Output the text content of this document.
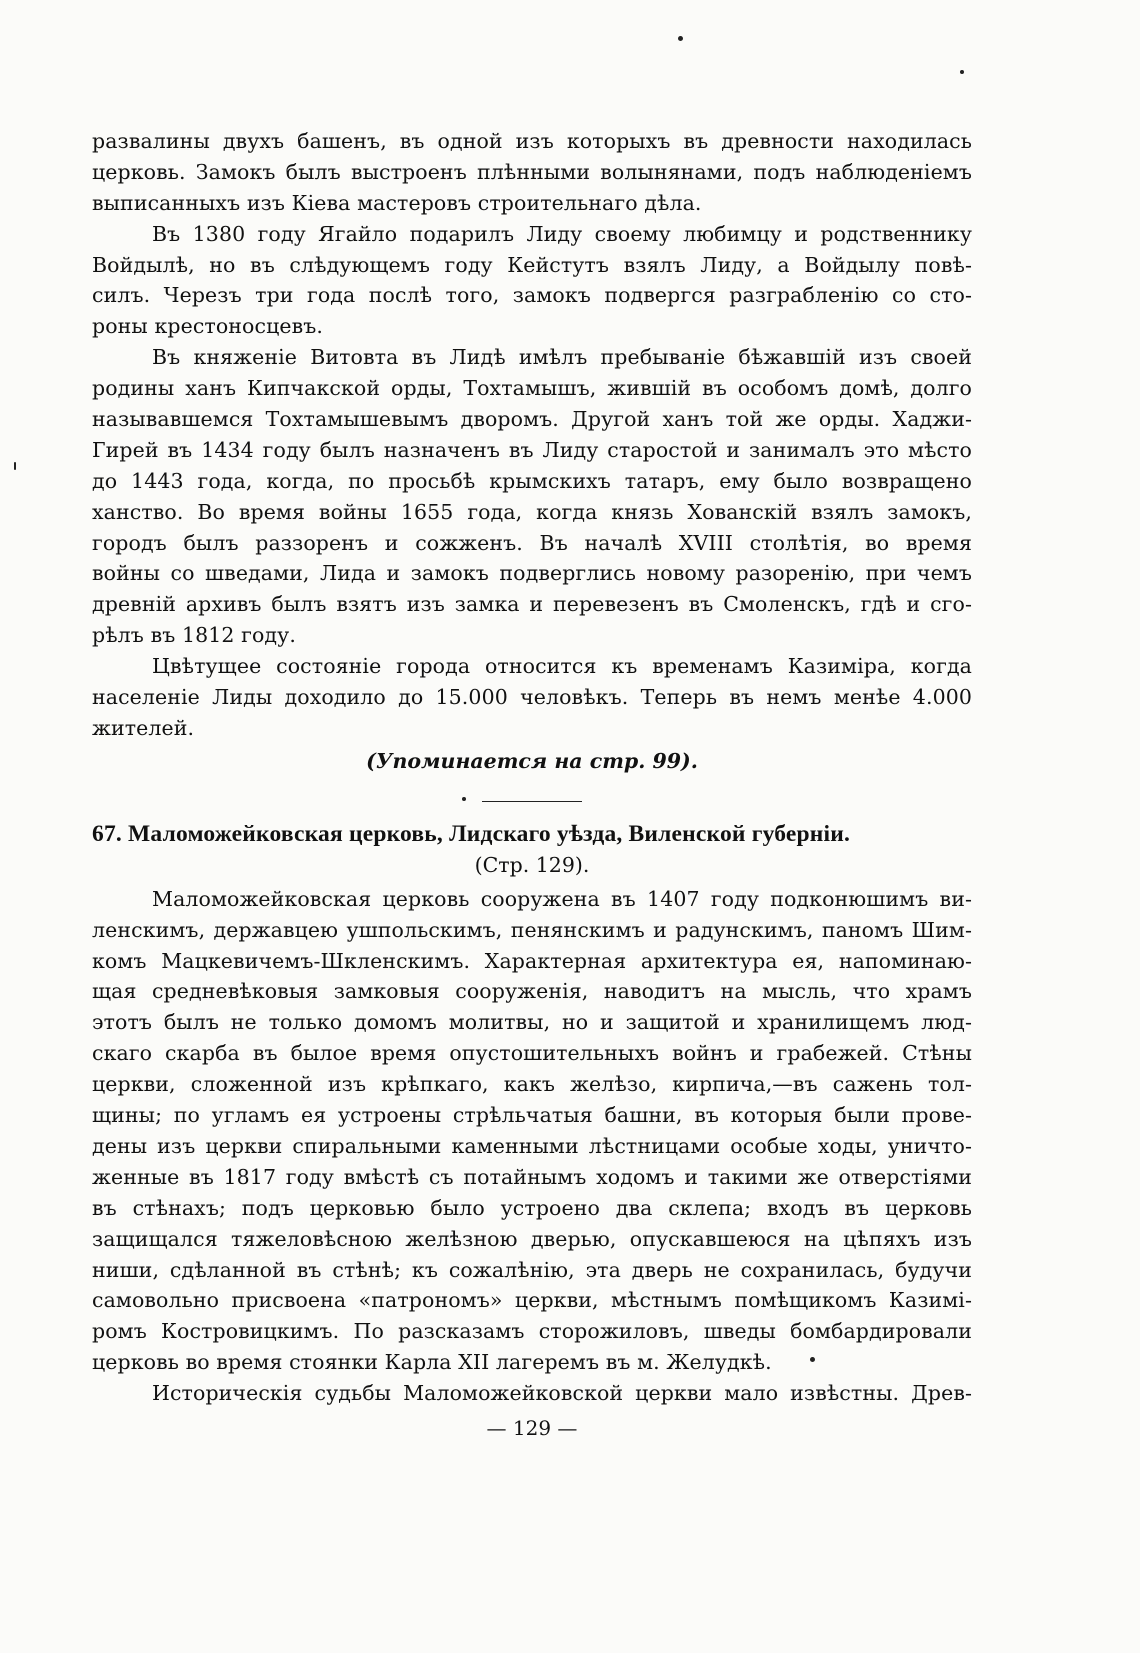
развалины двухъ башенъ, въ одной изъ которыхъ въ древности находилась
церковь. Замокъ былъ выстроенъ плѣнными волынянами, подъ наблюденіемъ
выписанныхъ изъ Кіева мастеровъ строительнаго дѣла.
Въ 1380 году Ягайло подарилъ Лиду своему любимцу и родственнику
Войдылѣ, но въ слѣдующемъ году Кейстутъ взялъ Лиду, а Войдылу повѣ-
силъ. Черезъ три года послѣ того, замокъ подвергся разграбленію со сто-
роны крестоносцевъ.
Въ княженіе Витовта въ Лидѣ имѣлъ пребываніе бѣжавшій изъ своей
родины ханъ Кипчакской орды, Тохтамышъ, жившій въ особомъ домѣ, долго
называвшемся Тохтамышевымъ дворомъ. Другой ханъ той же орды. Хаджи-
Гирей въ 1434 году былъ назначенъ въ Лиду старостой и занималъ это мѣсто
до 1443 года, когда, по просьбѣ крымскихъ татаръ, ему было возвращено
ханство. Во время войны 1655 года, когда князь Хованскій взялъ замокъ,
городъ былъ раззоренъ и сожженъ. Въ началѣ XVIII столѣтія, во время
войны со шведами, Лида и замокъ подверглись новому разоренію, при чемъ
древній архивъ былъ взятъ изъ замка и перевезенъ въ Смоленскъ, гдѣ и сго-
рѣлъ въ 1812 году.
Цвѣтущее состояніе города относится къ временамъ Казиміра, когда
населеніе Лиды доходило до 15.000 человѣкъ. Теперь въ немъ менѣе 4.000
жителей.
(Упоминается на стр. 99).
67. Маломожейковская церковь, Лидскаго уѣзда, Виленской губерніи.
(Стр. 129).
Маломожейковская церковь сооружена въ 1407 году подконюшимъ ви-
ленскимъ, державцею ушпольскимъ, пенянскимъ и радунскимъ, паномъ Шим-
комъ Мацкевичемъ-Шкленскимъ. Характерная архитектура ея, напоминаю-
щая средневѣковыя замковыя сооруженія, наводитъ на мысль, что храмъ
этотъ былъ не только домомъ молитвы, но и защитой и хранилищемъ люд-
скаго скарба въ былое время опустошительныхъ войнъ и грабежей. Стѣны
церкви, сложенной изъ крѣпкаго, какъ желѣзо, кирпича,—въ сажень тол-
щины; по угламъ ея устроены стрѣльчатыя башни, въ которыя были прове-
дены изъ церкви спиральными каменными лѣстницами особые ходы, уничто-
женные въ 1817 году вмѣстѣ съ потайнымъ ходомъ и такими же отверстіями
въ стѣнахъ; подъ церковью было устроено два склепа; входъ въ церковь
защищался тяжеловѣсною желѣзною дверью, опускавшеюся на цѣпяхъ изъ
ниши, сдѣланной въ стѣнѣ; къ сожалѣнію, эта дверь не сохранилась, будучи
самовольно присвоена «патрономъ» церкви, мѣстнымъ помѣщикомъ Казимі-
ромъ Костровицкимъ. По разсказамъ сторожиловъ, шведы бомбардировали
церковь во время стоянки Карла XII лагеремъ въ м. Желудкѣ.
Историческія судьбы Маломожейковской церкви мало извѣстны. Древ-
— 129 —
